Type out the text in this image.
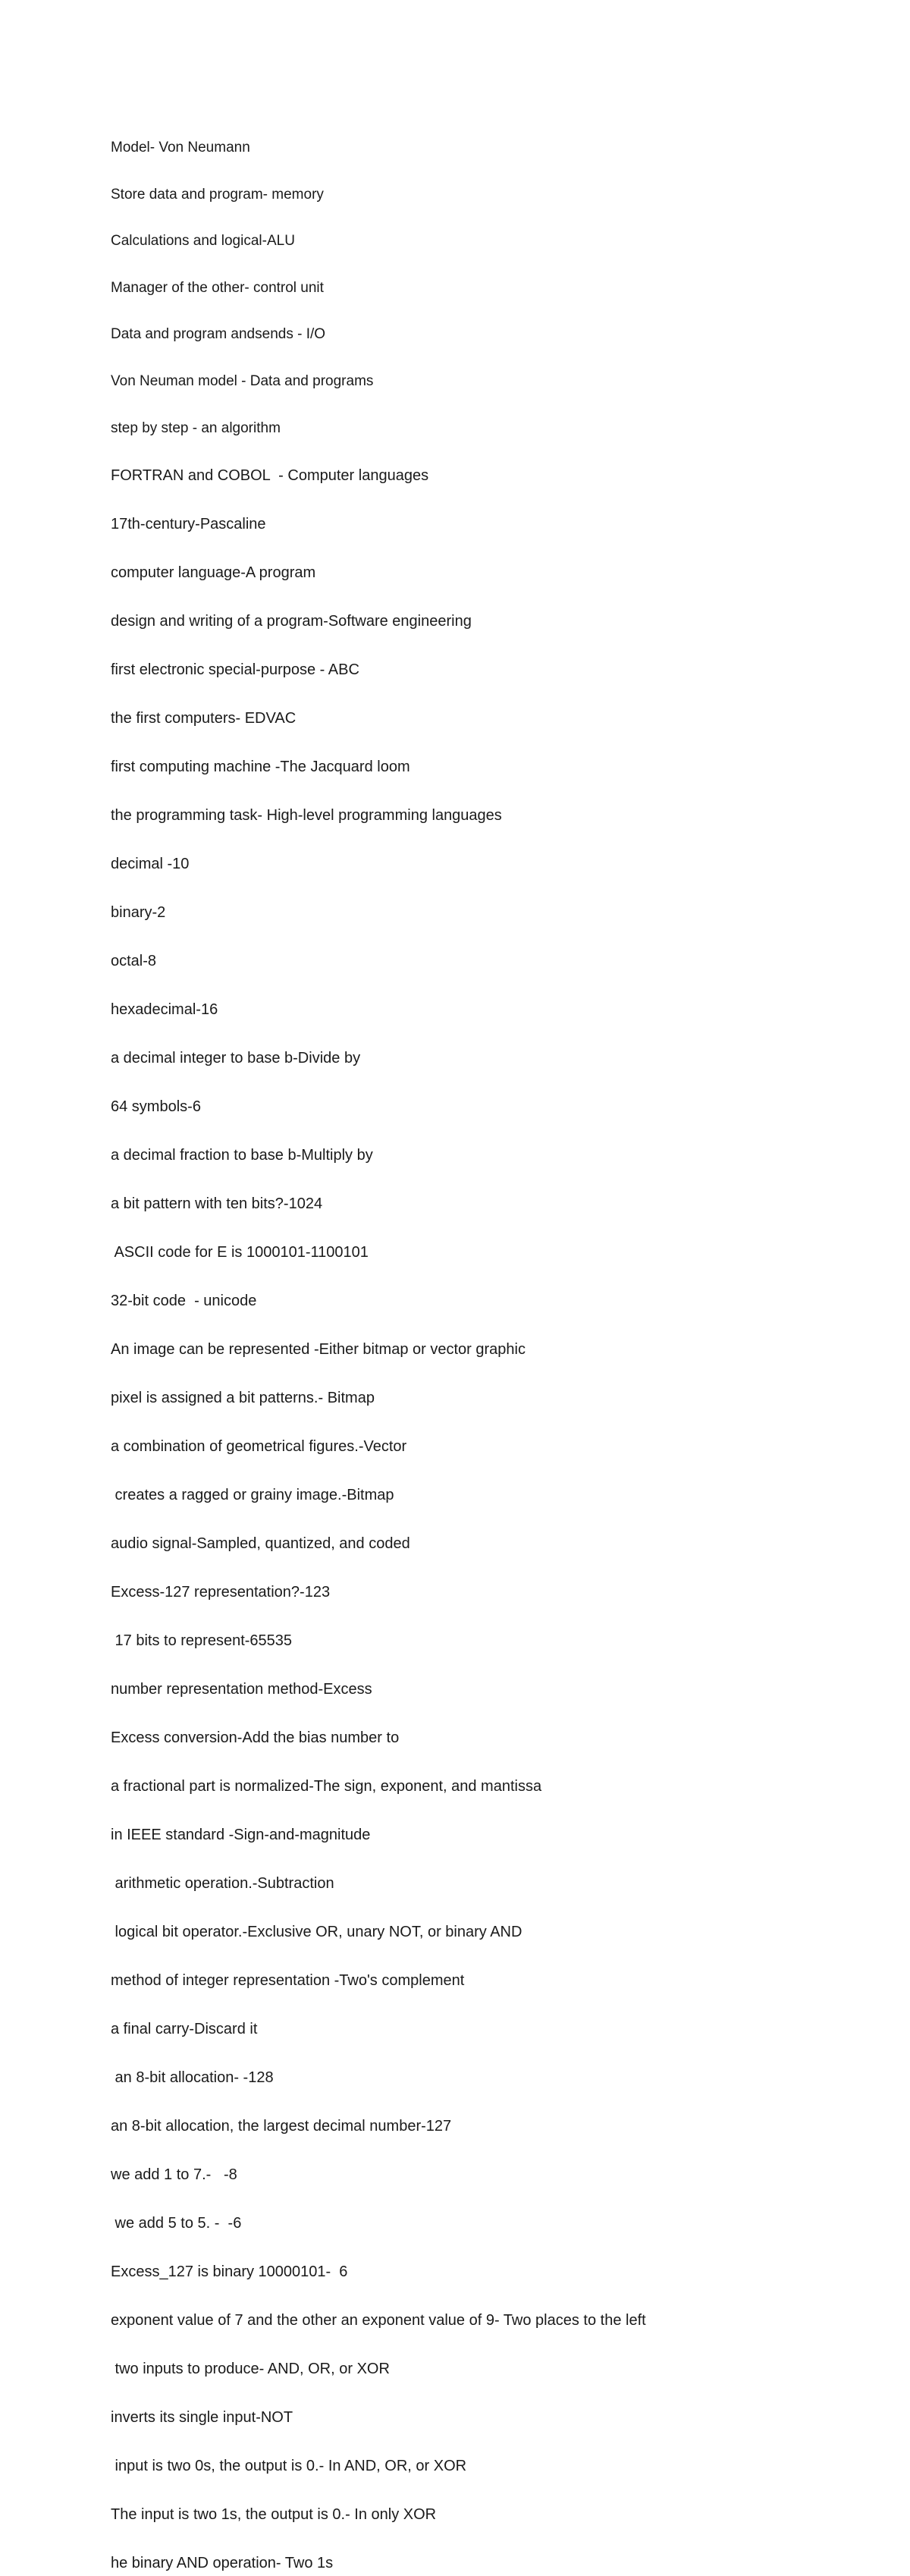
Model- Von Neumann

Store data and program- memory

Calculations and logical-ALU

Manager of the other- control unit

Data and program andsends - I/O

Von Neuman model - Data and programs

step by step - an algorithm

FORTRAN and COBOL  - Computer languages

17th-century-Pascaline

computer language-A program

design and writing of a program-Software engineering

first electronic special-purpose - ABC

the first computers- EDVAC

first computing machine -The Jacquard loom

the programming task- High-level programming languages

decimal -10

binary-2

octal-8

hexadecimal-16

a decimal integer to base b-Divide by

64 symbols-6

a decimal fraction to base b-Multiply by

a bit pattern with ten bits?-1024

ASCII code for E is 1000101-1100101

32-bit code  - unicode

An image can be represented -Either bitmap or vector graphic

pixel is assigned a bit patterns.- Bitmap

a combination of geometrical figures.-Vector

creates a ragged or grainy image.-Bitmap

audio signal-Sampled, quantized, and coded

Excess-127 representation?-123

17 bits to represent-65535

number representation method-Excess

Excess conversion-Add the bias number to

a fractional part is normalized-The sign, exponent, and mantissa

in IEEE standard -Sign-and-magnitude

arithmetic operation.-Subtraction

logical bit operator.-Exclusive OR, unary NOT, or binary AND

method of integer representation -Two's complement

a final carry-Discard it

an 8-bit allocation- -128

an 8-bit allocation, the largest decimal number-127

we add 1 to 7.-   -8

we add 5 to 5. -  -6

Excess_127 is binary 10000101-  6

exponent value of 7 and the other an exponent value of 9- Two places to the left

two inputs to produce- AND, OR, or XOR

inverts its single input-NOT

input is two 0s, the output is 0.- In AND, OR, or XOR

The input is two 1s, the output is 0.- In only XOR

he binary AND operation- Two 1s
